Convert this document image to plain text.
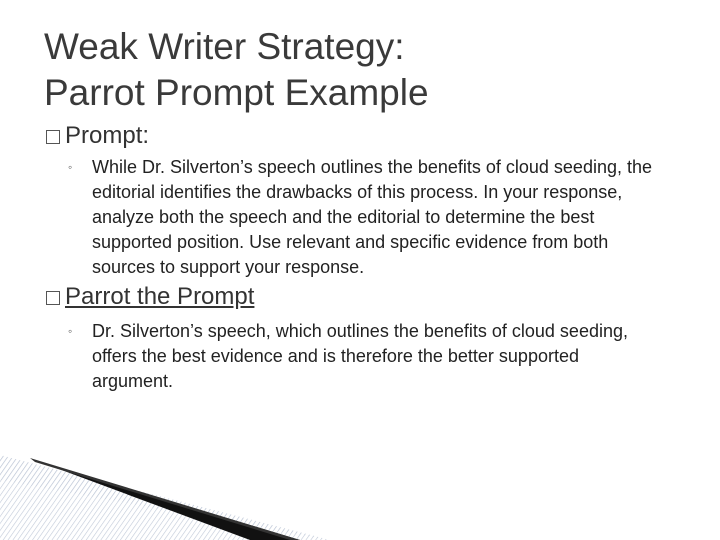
Weak Writer Strategy:
Parrot Prompt Example
Prompt:
◦	While Dr. Silverton’s speech outlines the benefits of cloud seeding, the editorial identifies the drawbacks of this process. In your response, analyze both the speech and the editorial to determine the best supported position. Use relevant and specific evidence from both sources to support your response.

Parrot the Prompt
◦	Dr. Silverton’s speech, which outlines the benefits of cloud seeding, offers the best evidence and is therefore the better supported argument.
